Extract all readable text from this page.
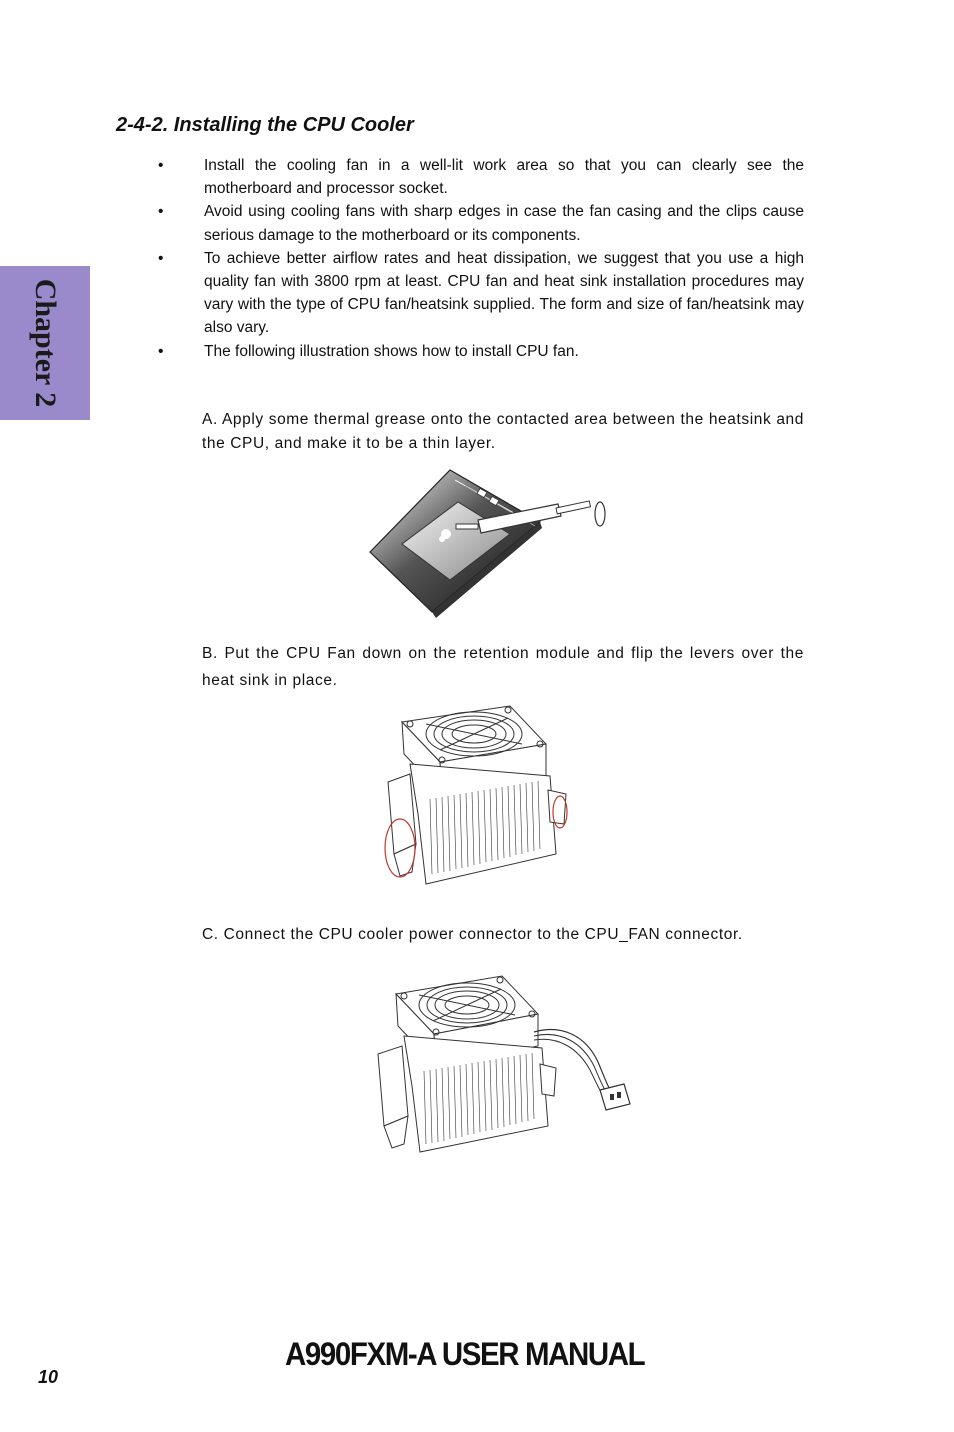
Chapter 2
2-4-2. Installing the CPU Cooler
•	Install the cooling fan in a well-lit work area so that you can clearly see the motherboard and processor socket.
•	Avoid using cooling fans with sharp edges in case the fan casing and the clips cause serious damage to the motherboard or its components.
•	To achieve better airflow rates and heat dissipation, we suggest that you use a high quality fan with 3800 rpm at least. CPU fan and heat sink installation procedures may vary with the type of CPU fan/heatsink supplied. The form and size of fan/heatsink may also vary.
•	The following illustration shows how to install CPU fan.
A. Apply some thermal grease onto the contacted area between the heatsink and the CPU, and make it to be a thin layer.
B. Put the CPU Fan down on the retention module and flip the levers over the heat sink in place.
C. Connect the CPU cooler power connector to the CPU_FAN connector.
10
A990FXM-A USER MANUAL
